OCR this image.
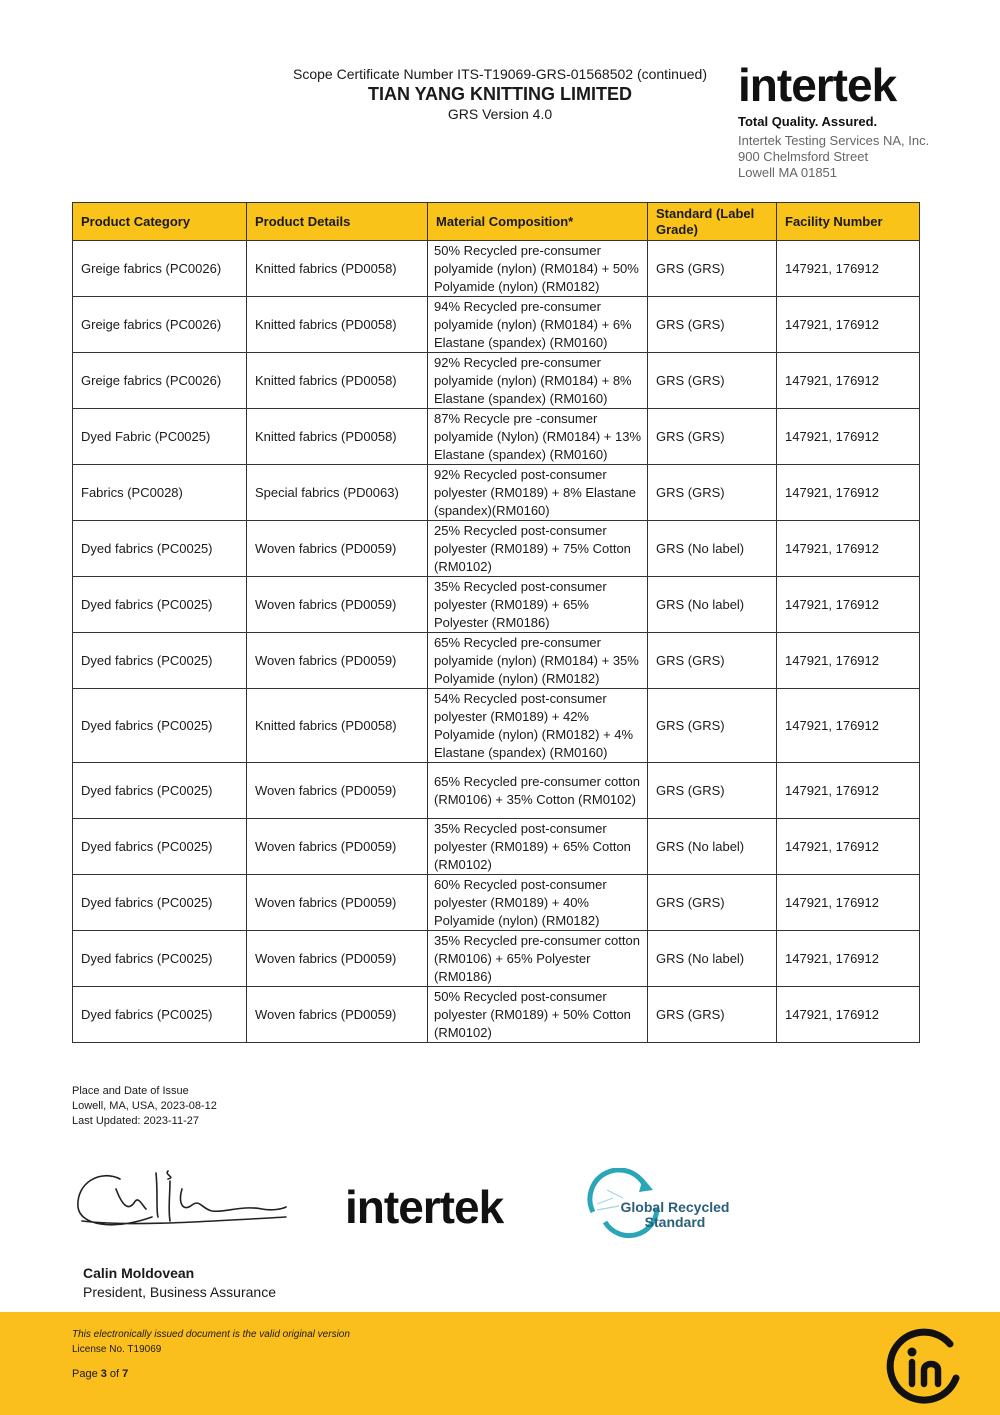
Scope Certificate Number ITS-T19069-GRS-01568502 (continued)
TIAN YANG KNITTING LIMITED
GRS Version 4.0
intertek
Total Quality. Assured.
Intertek Testing Services NA, Inc.
900 Chelmsford Street
Lowell MA 01851
Product Category	Product Details	Material Composition*	Standard (Label Grade)	Facility Number
Greige fabrics (PC0026)	Knitted fabrics (PD0058)	50% Recycled pre-consumer polyamide (nylon) (RM0184) + 50% Polyamide (nylon) (RM0182)	GRS (GRS)	147921, 176912
Greige fabrics (PC0026)	Knitted fabrics (PD0058)	94% Recycled pre-consumer polyamide (nylon) (RM0184) + 6% Elastane (spandex) (RM0160)	GRS (GRS)	147921, 176912
Greige fabrics (PC0026)	Knitted fabrics (PD0058)	92% Recycled pre-consumer polyamide (nylon) (RM0184) + 8% Elastane (spandex) (RM0160)	GRS (GRS)	147921, 176912
Dyed Fabric (PC0025)	Knitted fabrics (PD0058)	87% Recycle pre -consumer polyamide (Nylon) (RM0184) + 13% Elastane (spandex) (RM0160)	GRS (GRS)	147921, 176912
Fabrics (PC0028)	Special fabrics (PD0063)	92% Recycled post-consumer polyester (RM0189) + 8% Elastane (spandex)(RM0160)	GRS (GRS)	147921, 176912
Dyed fabrics (PC0025)	Woven fabrics (PD0059)	25% Recycled post-consumer polyester (RM0189) + 75% Cotton (RM0102)	GRS (No label)	147921, 176912
Dyed fabrics (PC0025)	Woven fabrics (PD0059)	35% Recycled post-consumer polyester (RM0189) + 65% Polyester (RM0186)	GRS (No label)	147921, 176912
Dyed fabrics (PC0025)	Woven fabrics (PD0059)	65% Recycled pre-consumer polyamide (nylon) (RM0184) + 35% Polyamide (nylon) (RM0182)	GRS (GRS)	147921, 176912
Dyed fabrics (PC0025)	Knitted fabrics (PD0058)	54% Recycled post-consumer polyester (RM0189) + 42% Polyamide (nylon) (RM0182) + 4% Elastane (spandex) (RM0160)	GRS (GRS)	147921, 176912
Dyed fabrics (PC0025)	Woven fabrics (PD0059)	65% Recycled pre-consumer cotton (RM0106) + 35% Cotton (RM0102)	GRS (GRS)	147921, 176912
Dyed fabrics (PC0025)	Woven fabrics (PD0059)	35% Recycled post-consumer polyester (RM0189) + 65% Cotton (RM0102)	GRS (No label)	147921, 176912
Dyed fabrics (PC0025)	Woven fabrics (PD0059)	60% Recycled post-consumer polyester (RM0189) + 40% Polyamide (nylon) (RM0182)	GRS (GRS)	147921, 176912
Dyed fabrics (PC0025)	Woven fabrics (PD0059)	35% Recycled pre-consumer cotton (RM0106) + 65% Polyester (RM0186)	GRS (No label)	147921, 176912
Dyed fabrics (PC0025)	Woven fabrics (PD0059)	50% Recycled post-consumer polyester (RM0189) + 50% Cotton (RM0102)	GRS (GRS)	147921, 176912
Place and Date of Issue
Lowell, MA, USA, 2023-08-12
Last Updated: 2023-11-27
intertek	Global Recycled
Standard
Calin Moldovean
President, Business Assurance
This electronically issued document is the valid original version
License No. T19069
Page 3 of 7
